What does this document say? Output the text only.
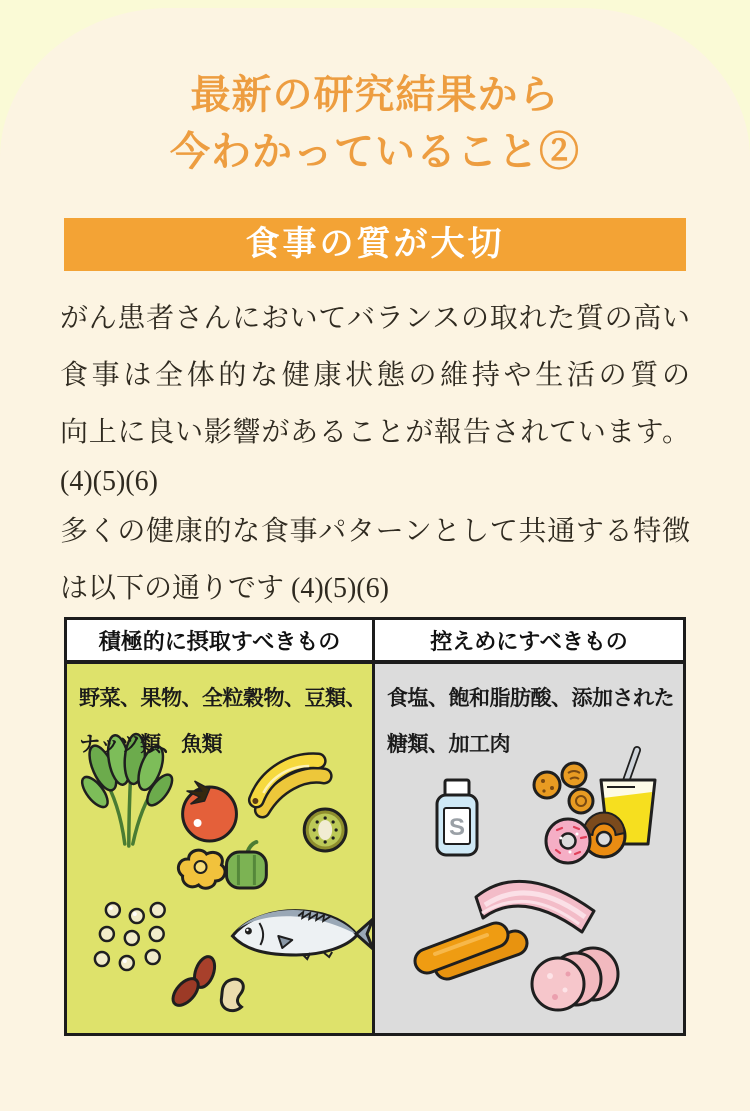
最新の研究結果から
今わかっていること②
食事の質が大切
がん患者さんにおいてバランスの取れた質の高い
食事は全体的な健康状態の維持や生活の質の
向上に良い影響があることが報告されています。
(4)(5)(6)
多くの健康的な食事パターンとして共通する特徴
は以下の通りです (4)(5)(6)
積極的に摂取すべきもの
野菜、果物、全粒穀物、豆類、
ナッツ類、魚類
控えめにすべきもの
S
食塩、飽和脂肪酸、添加された
糖類、加工肉
